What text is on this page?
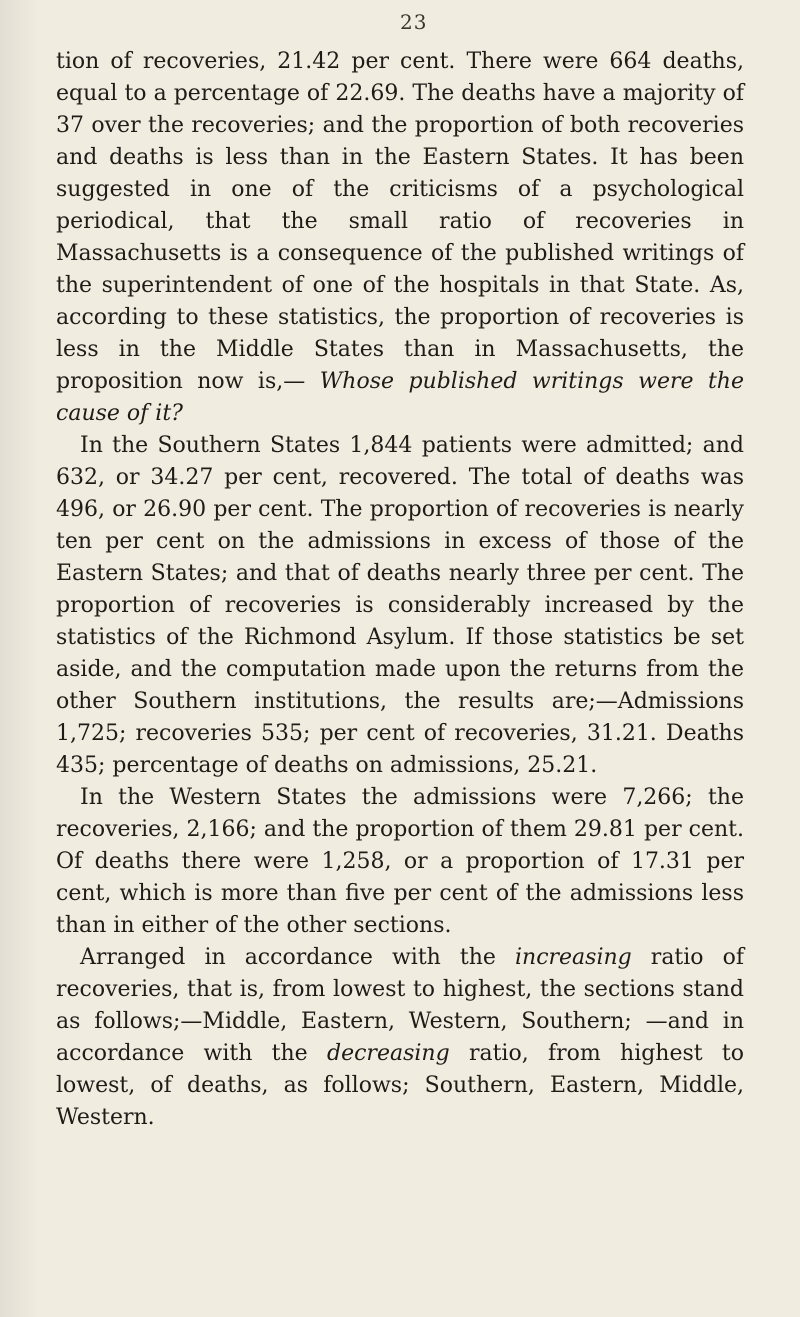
23

tion of recoveries, 21.42 per cent. There were 664 deaths, equal to a percentage of 22.69. The deaths have a majority of 37 over the recoveries; and the proportion of both recoveries and deaths is less than in the Eastern States. It has been suggested in one of the criticisms of a psychological periodical, that the small ratio of recoveries in Massachusetts is a consequence of the published writings of the superintendent of one of the hospitals in that State. As, according to these statistics, the proportion of recoveries is less in the Middle States than in Massachusetts, the proposition now is,— Whose published writings were the cause of it?

In the Southern States 1,844 patients were admitted; and 632, or 34.27 per cent, recovered. The total of deaths was 496, or 26.90 per cent. The proportion of recoveries is nearly ten per cent on the admissions in excess of those of the Eastern States; and that of deaths nearly three per cent. The proportion of recoveries is considerably increased by the statistics of the Richmond Asylum. If those statistics be set aside, and the computation made upon the returns from the other Southern institutions, the results are;—Admissions 1,725; recoveries 535; per cent of recoveries, 31.21. Deaths 435; percentage of deaths on admissions, 25.21.

In the Western States the admissions were 7,266; the recoveries, 2,166; and the proportion of them 29.81 per cent. Of deaths there were 1,258, or a proportion of 17.31 per cent, which is more than five per cent of the admissions less than in either of the other sections.

Arranged in accordance with the increasing ratio of recoveries, that is, from lowest to highest, the sections stand as follows;—Middle, Eastern, Western, Southern; —and in accordance with the decreasing ratio, from highest to lowest, of deaths, as follows; Southern, Eastern, Middle, Western.
